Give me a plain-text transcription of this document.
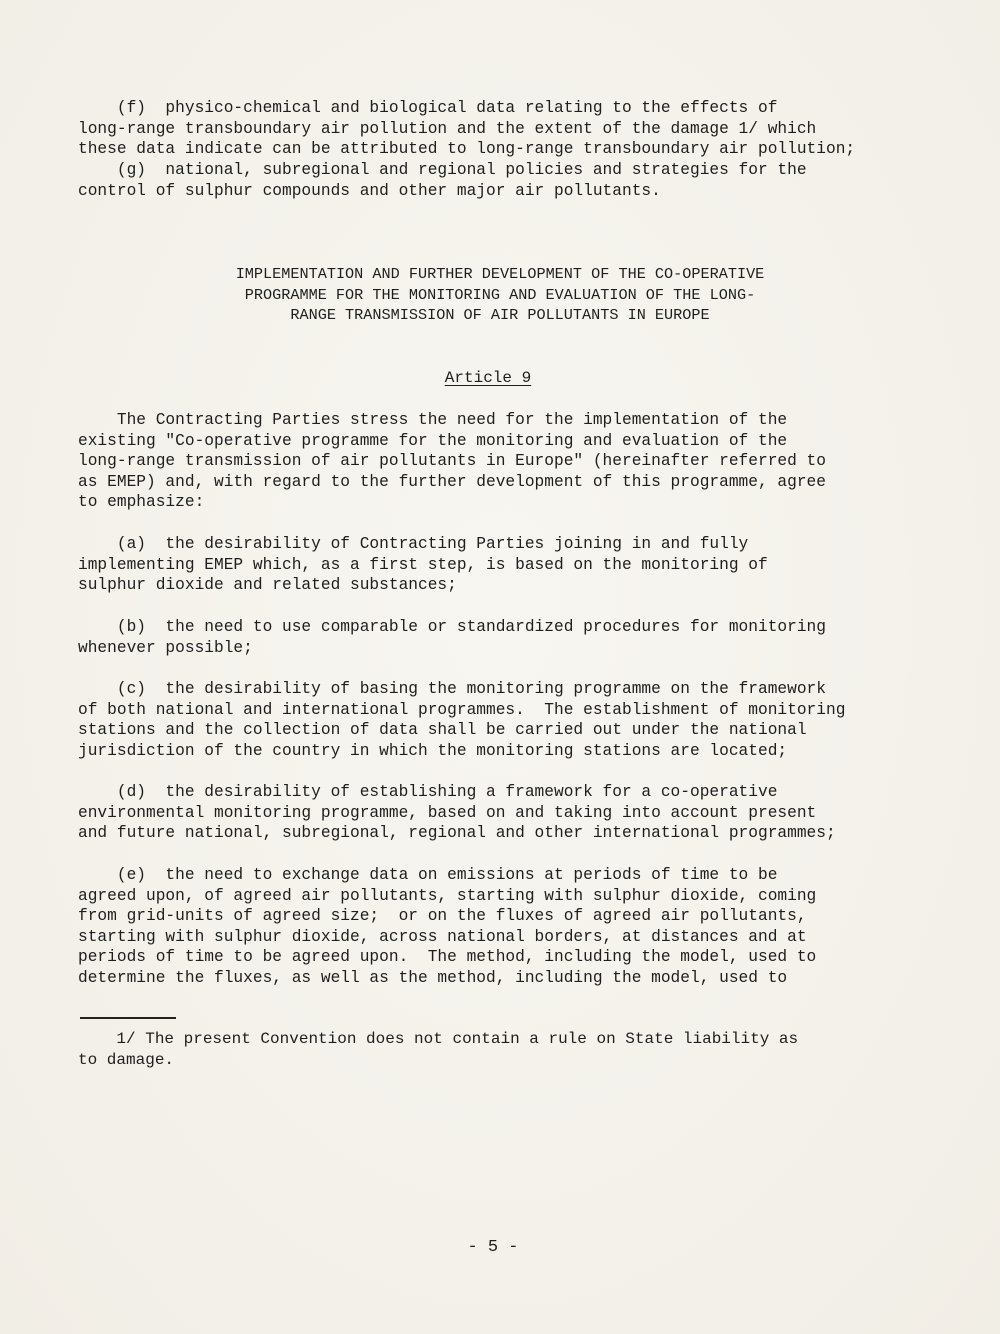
(f)  physico-chemical and biological data relating to the effects of
long-range transboundary air pollution and the extent of the damage 1/ which
these data indicate can be attributed to long-range transboundary air pollution;
(g)  national, subregional and regional policies and strategies for the
control of sulphur compounds and other major air pollutants.
IMPLEMENTATION AND FURTHER DEVELOPMENT OF THE CO-OPERATIVE
PROGRAMME FOR THE MONITORING AND EVALUATION OF THE LONG-
RANGE TRANSMISSION OF AIR POLLUTANTS IN EUROPE
Article 9
The Contracting Parties stress the need for the implementation of the
existing "Co-operative programme for the monitoring and evaluation of the
long-range transmission of air pollutants in Europe" (hereinafter referred to
as EMEP) and, with regard to the further development of this programme, agree
to emphasize:
(a)  the desirability of Contracting Parties joining in and fully
implementing EMEP which, as a first step, is based on the monitoring of
sulphur dioxide and related substances;
(b)  the need to use comparable or standardized procedures for monitoring
whenever possible;
(c)  the desirability of basing the monitoring programme on the framework
of both national and international programmes.  The establishment of monitoring
stations and the collection of data shall be carried out under the national
jurisdiction of the country in which the monitoring stations are located;
(d)  the desirability of establishing a framework for a co-operative
environmental monitoring programme, based on and taking into account present
and future national, subregional, regional and other international programmes;
(e)  the need to exchange data on emissions at periods of time to be
agreed upon, of agreed air pollutants, starting with sulphur dioxide, coming
from grid-units of agreed size;  or on the fluxes of agreed air pollutants,
starting with sulphur dioxide, across national borders, at distances and at
periods of time to be agreed upon.  The method, including the model, used to
determine the fluxes, as well as the method, including the model, used to
1/ The present Convention does not contain a rule on State liability as
to damage.
- 5 -
